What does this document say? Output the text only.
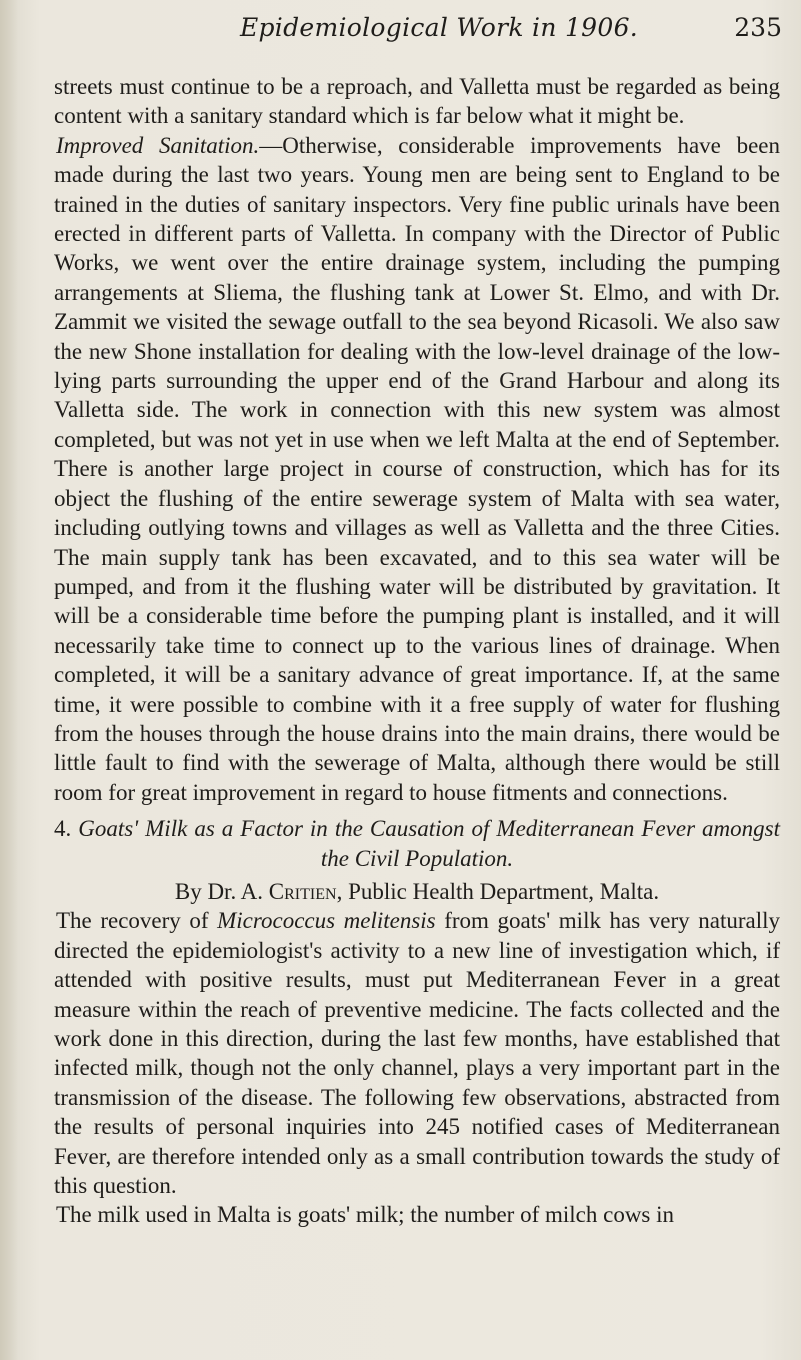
Epidemiological Work in 1906.	235

streets must continue to be a reproach, and Valletta must be regarded as being content with a sanitary standard which is far below what it might be.

Improved Sanitation.—Otherwise, considerable improvements have been made during the last two years. Young men are being sent to England to be trained in the duties of sanitary inspectors. Very fine public urinals have been erected in different parts of Valletta. In company with the Director of Public Works, we went over the entire drainage system, including the pumping arrangements at Sliema, the flushing tank at Lower St. Elmo, and with Dr. Zammit we visited the sewage outfall to the sea beyond Ricasoli. We also saw the new Shone installation for dealing with the low-level drainage of the low-lying parts surrounding the upper end of the Grand Harbour and along its Valletta side. The work in connection with this new system was almost completed, but was not yet in use when we left Malta at the end of September. There is another large project in course of construction, which has for its object the flushing of the entire sewerage system of Malta with sea water, including outlying towns and villages as well as Valletta and the three Cities. The main supply tank has been excavated, and to this sea water will be pumped, and from it the flushing water will be distributed by gravitation. It will be a considerable time before the pumping plant is installed, and it will necessarily take time to connect up to the various lines of drainage. When completed, it will be a sanitary advance of great importance. If, at the same time, it were possible to combine with it a free supply of water for flushing from the houses through the house drains into the main drains, there would be little fault to find with the sewerage of Malta, although there would be still room for great improvement in regard to house fitments and connections.

4. Goats' Milk as a Factor in the Causation of Mediterranean Fever amongst the Civil Population.

By Dr. A. Critien, Public Health Department, Malta.

The recovery of Micrococcus melitensis from goats' milk has very naturally directed the epidemiologist's activity to a new line of investigation which, if attended with positive results, must put Mediterranean Fever in a great measure within the reach of preventive medicine. The facts collected and the work done in this direction, during the last few months, have established that infected milk, though not the only channel, plays a very important part in the transmission of the disease. The following few observations, abstracted from the results of personal inquiries into 245 notified cases of Mediterranean Fever, are therefore intended only as a small contribution towards the study of this question.

The milk used in Malta is goats' milk; the number of milch cows in
